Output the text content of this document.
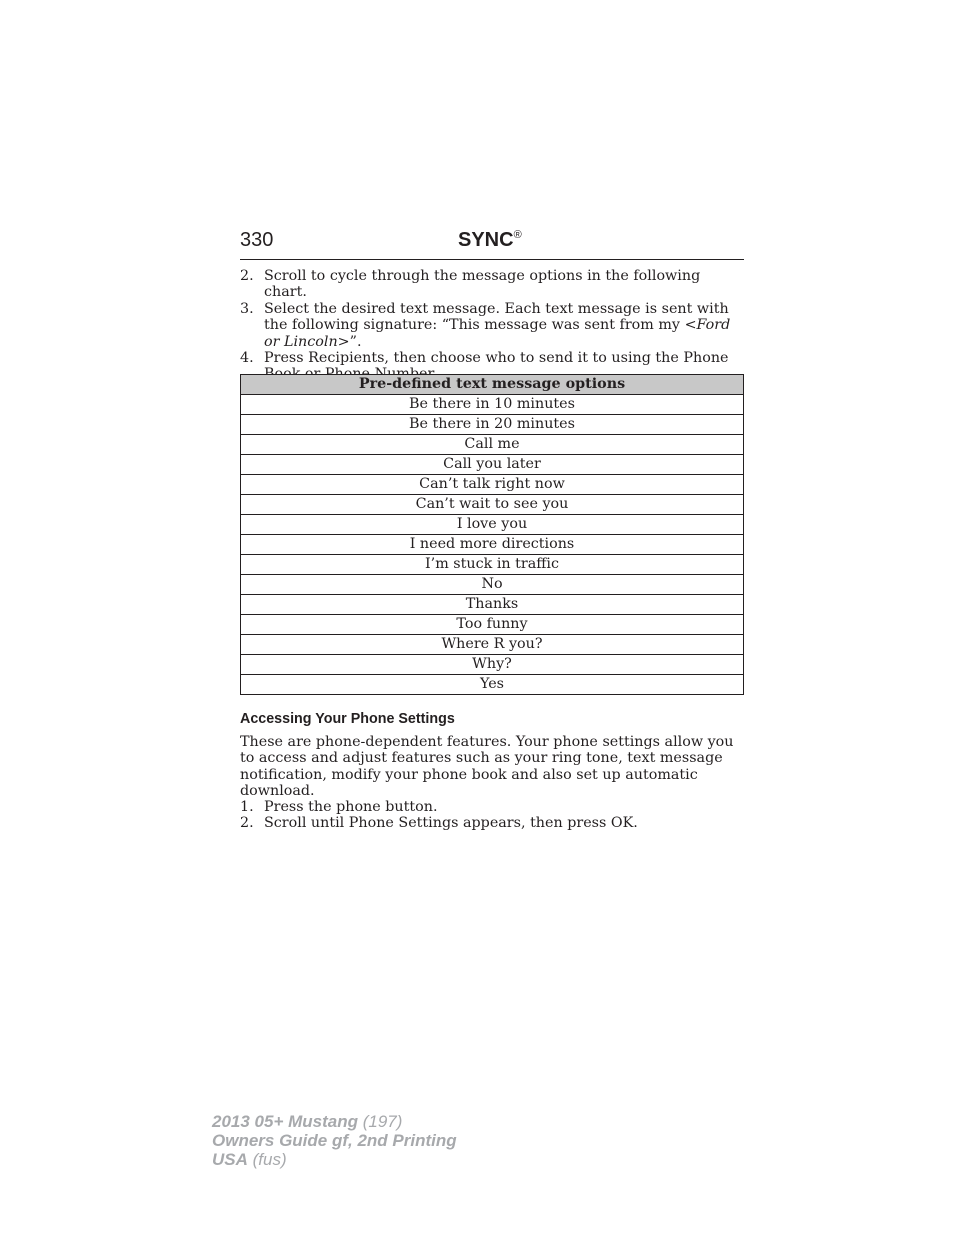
330	SYNC®

2. Scroll to cycle through the message options in the following chart.

3. Select the desired text message. Each text message is sent with the following signature: “This message was sent from my <Ford or Lincoln>”.

4. Press Recipients, then choose who to send it to using the Phone

Pre-defined text message options
Be there in 10 minutes
Be there in 20 minutes
Call me
Call you later
Can’t talk right now
Can’t wait to see you
I love you
I need more directions
I’m stuck in traffic
No
Thanks
Too funny
Where R you?
Why?
Yes
Accessing Your Phone Settings

These are phone-dependent features. Your phone settings allow you to access and adjust features such as your ring tone, text message notification, modify your phone book and also set up automatic download.

1. Press the phone button.

2. Scroll until Phone Settings appears, then press OK.

2013 05+ Mustang (197)
Owners Guide gf, 2nd Printing
USA (fus)
